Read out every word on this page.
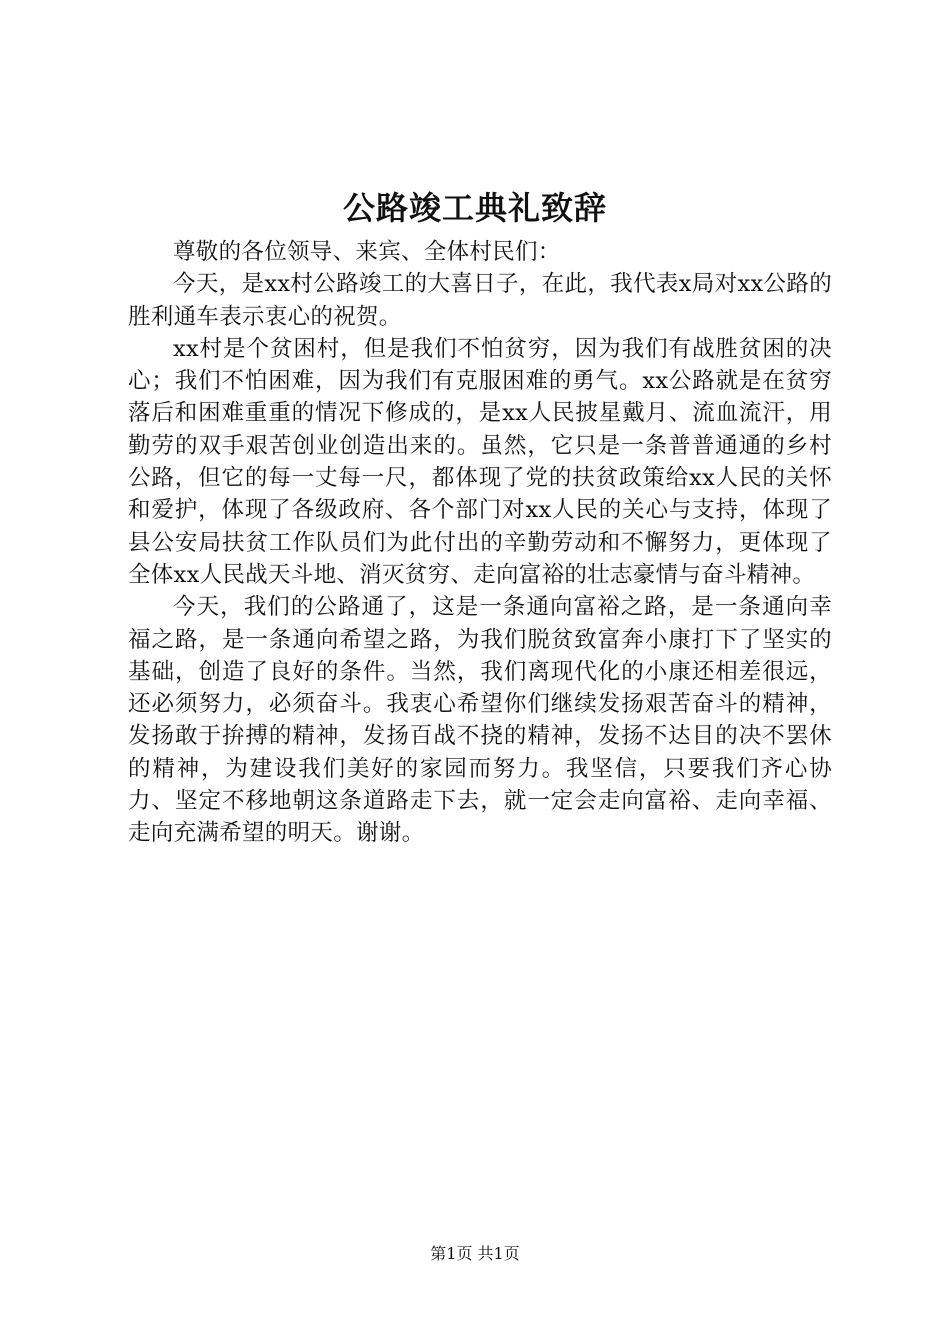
公路竣工典礼致辞

尊敬的各位领导、来宾、全体村民们：

今天，是xx村公路竣工的大喜日子，在此，我代表x局对xx公路的胜利通车表示衷心的祝贺。

xx村是个贫困村，但是我们不怕贫穷，因为我们有战胜贫困的决心；我们不怕困难，因为我们有克服困难的勇气。xx公路就是在贫穷落后和困难重重的情况下修成的，是xx人民披星戴月、流血流汗，用勤劳的双手艰苦创业创造出来的。虽然，它只是一条普普通通的乡村公路，但它的每一丈每一尺，都体现了党的扶贫政策给xx人民的关怀和爱护，体现了各级政府、各个部门对xx人民的关心与支持，体现了县公安局扶贫工作队员们为此付出的辛勤劳动和不懈努力，更体现了全体xx人民战天斗地、消灭贫穷、走向富裕的壮志豪情与奋斗精神。

今天，我们的公路通了，这是一条通向富裕之路，是一条通向幸福之路，是一条通向希望之路，为我们脱贫致富奔小康打下了坚实的基础，创造了良好的条件。当然，我们离现代化的小康还相差很远，还必须努力，必须奋斗。我衷心希望你们继续发扬艰苦奋斗的精神，发扬敢于拚搏的精神，发扬百战不挠的精神，发扬不达目的决不罢休的精神，为建设我们美好的家园而努力。我坚信，只要我们齐心协力、坚定不移地朝这条道路走下去，就一定会走向富裕、走向幸福、走向充满希望的明天。谢谢。

第1页 共1页
